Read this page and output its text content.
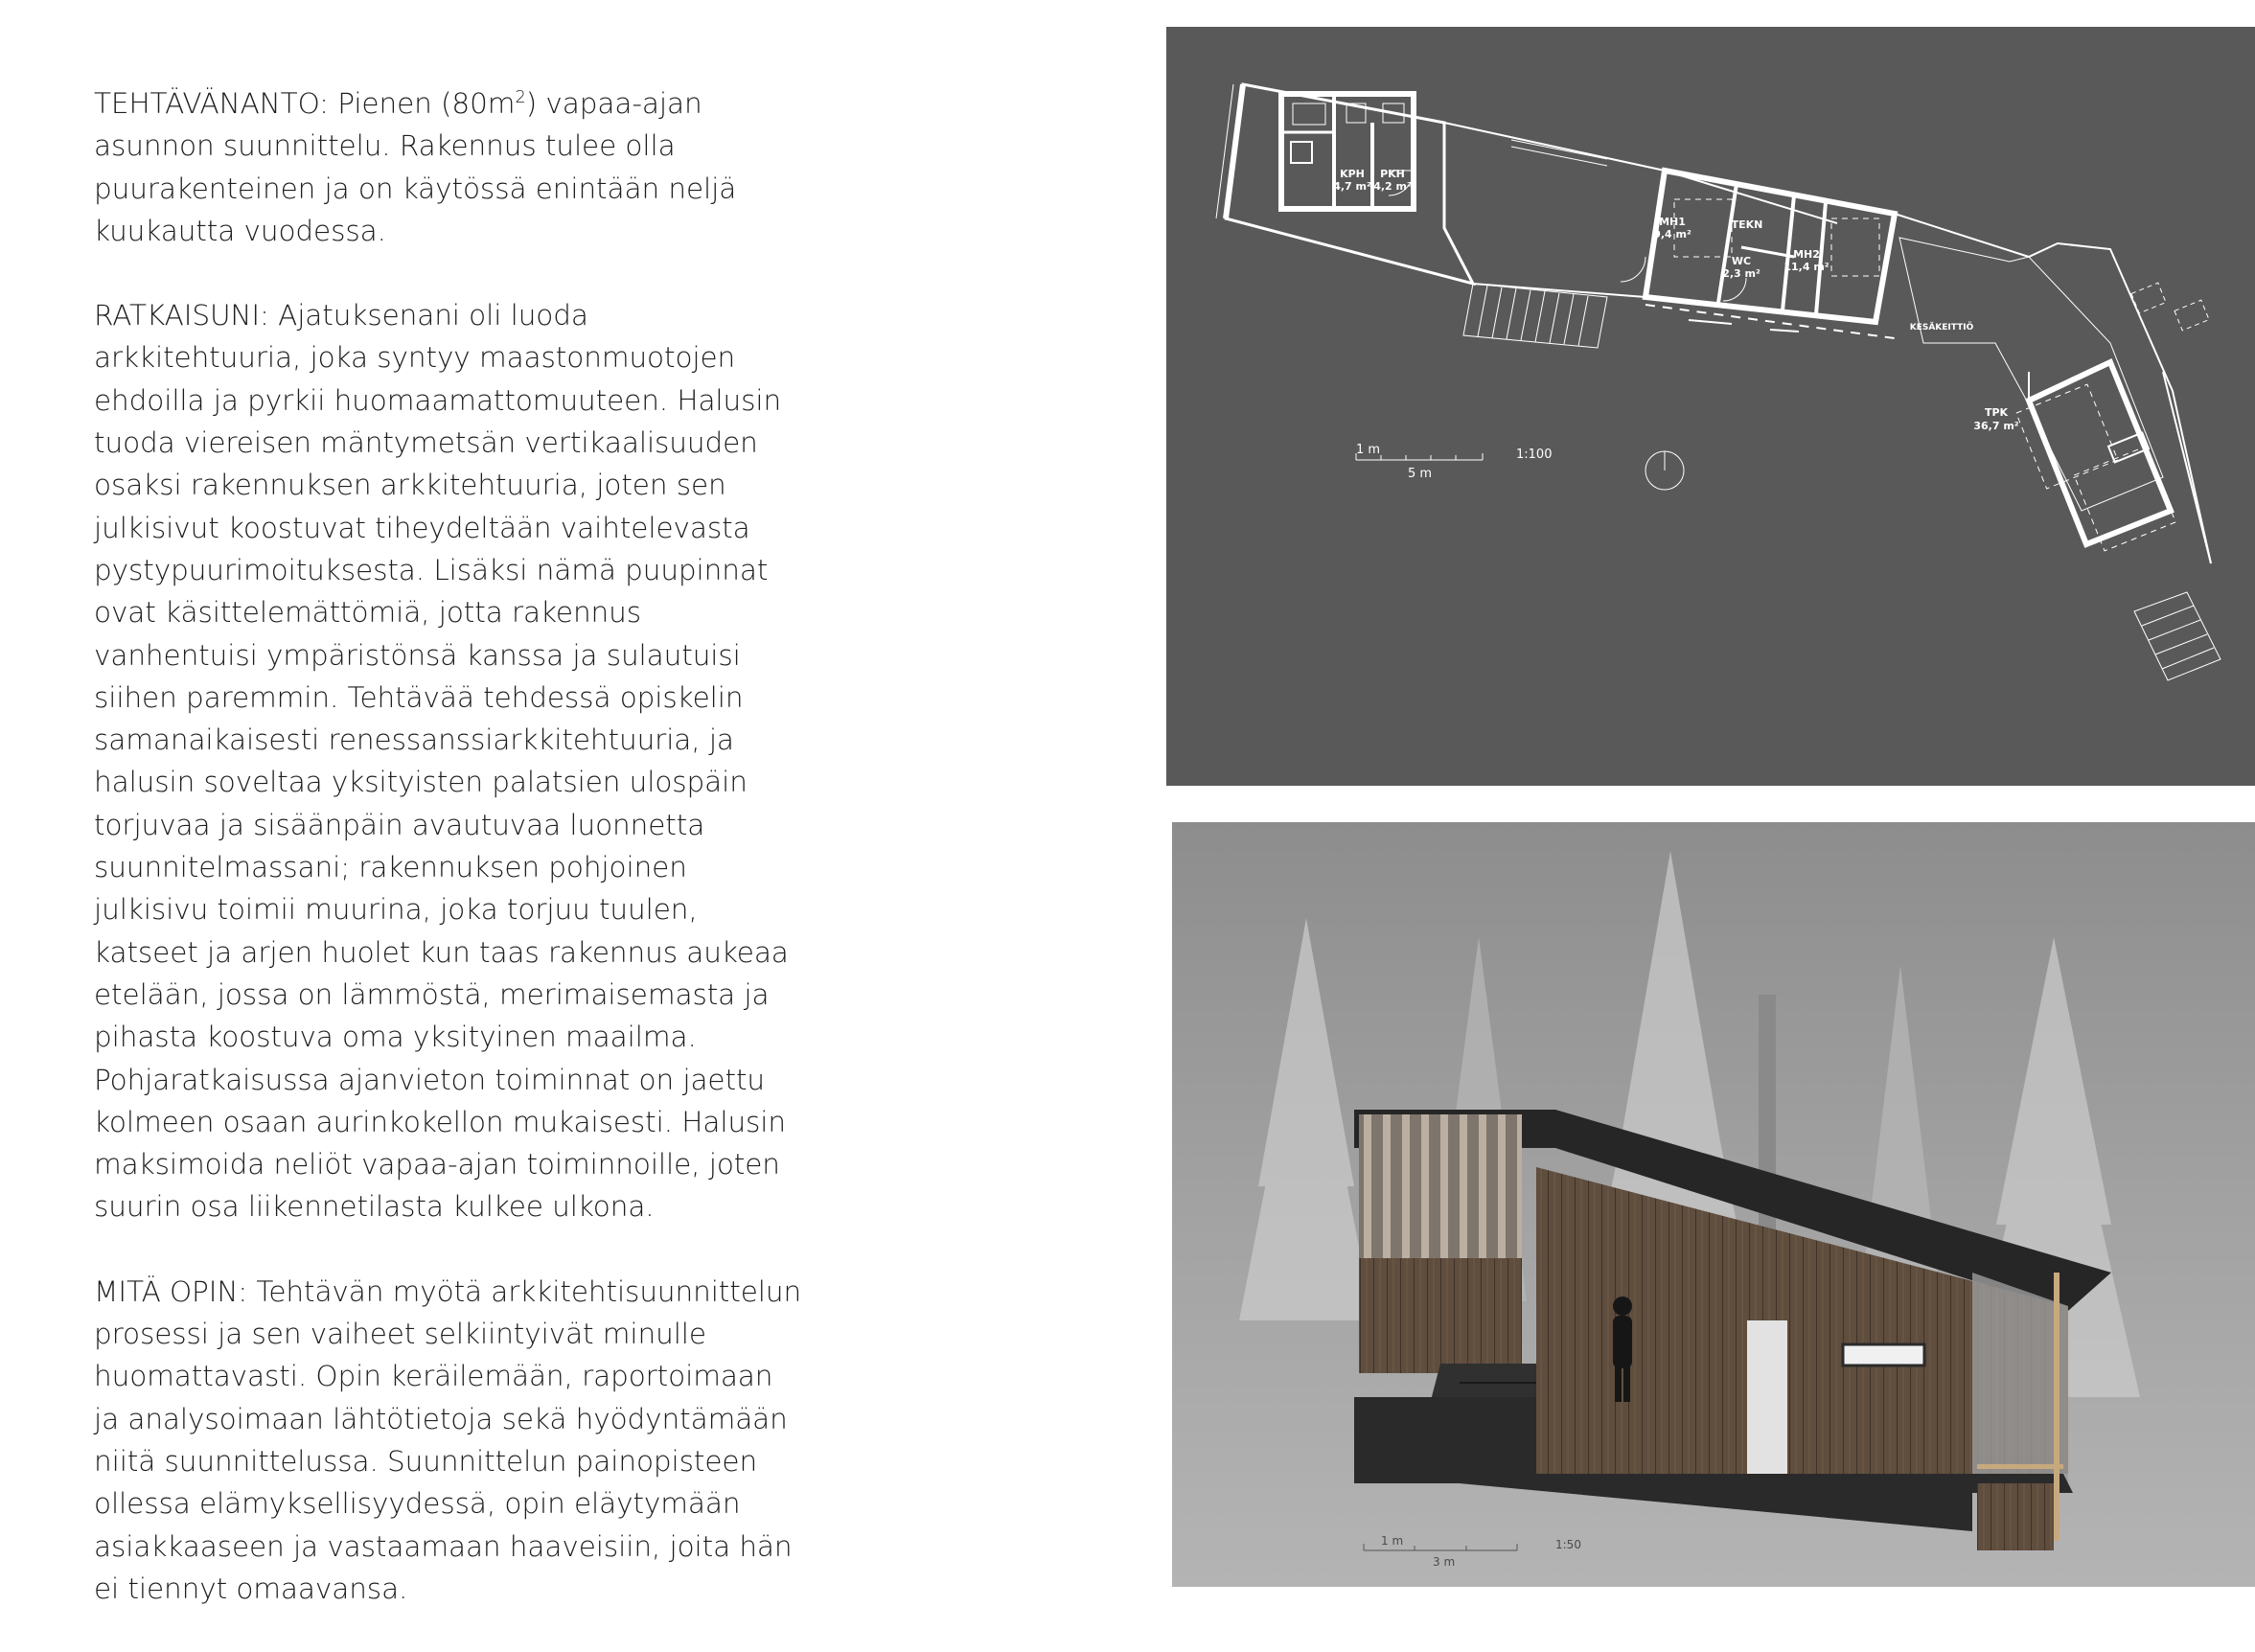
TEHTÄVÄNANTO: Pienen $(80m^2)$ vapaa-ajan asunnon suunnittelu. Rakennus tulee olla puurakenteinen ja on käytössä enintään neljä kuukautta vuodessa.

RATKAISUNI: Ajatuksenani oli luoda arkkitehtuuria, joka syntyy maastonmuotojen ehdoilla ja pyrkii huomaamattomuuteen. Halusin tuoda viereisen mäntymetsän vertikaalisuuden osaksi rakennuksen arkkitehtuuria, joten sen julkisivut koostuvat tiheydeltään vaihtelevasta pystypuurimoituksesta. Lisäksi nämä puupinnat ovat käsittelemättömiä, jotta rakennus vanhentuisi ympäristönsä kanssa ja sulautuisi siihen paremmin. Tehtävää tehdessä opiskelin samanaikaisesti renessanssiarkkitehtuuria, ja halusin soveltaa yksityisten palatsien ulospäin torjuvaa ja sisäänpäin avautuvaa luonnetta suunnitelmassani; rakennuksen pohjoinen julkisivu toimii muurina, joka torjuu tuulen, katseet ja arjen huolet kun taas rakennus aukeaa etelään, jossa on lämmöstä, merimaisemasta ja pihasta koostuva oma yksityinen maailma. Pohjaratkaisussa ajanvieton toiminnat on jaettu kolmeen osaan aurinkokellon mukaisesti. Halusin maksimoida neliöt vapaa-ajan toiminnoille, joten suurin osa liikennetilasta kulkee ulkona.

MITÄ OPIN: Tehtävän myötä arkkitehtisuunnittelun prosessi ja sen vaiheet selkiintyivät minulle huomattavasti. Opin keräilemään, raportoimaan ja analysoimaan lähtötietoja sekä hyödyntämään niitä suunnittelussa. Suunnittelun painopisteen ollessa elämyksellisyydessä, opin eläytymään asiakkaaseen ja vastaamaan haaveisiin, joita hän ei tiennyt omaavansa.

KPH
4,7 m²
PKH
4,2 m²
MH1
9,4 m²
TEKN
WC
2,3 m²
MH2
11,4 m²
KESÄKEITTIÖ
TPK
36,7 m²
1 m
5 m
1:100
1 m
3 m
1:50
